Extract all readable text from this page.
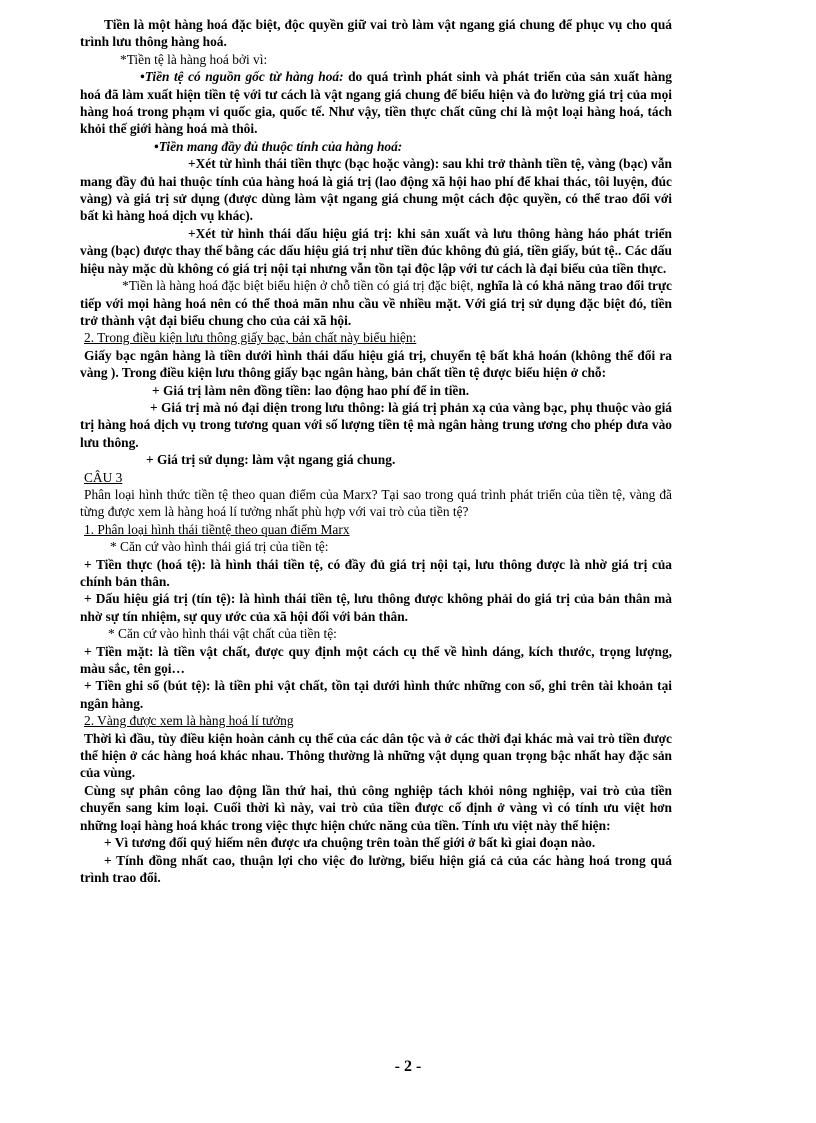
Tiền là một hàng hoá đặc biệt, độc quyền giữ vai trò làm vật ngang giá chung để phục vụ cho quá trình lưu thông hàng hoá.

*Tiền tệ là hàng hoá bởi vì:

•Tiền tệ có nguồn gốc từ hàng hoá: do quá trình phát sinh và phát triển của sản xuất hàng hoá đã làm xuất hiện tiền tệ với tư cách là vật ngang giá chung để biểu hiện và đo lường giá trị của mọi hàng hoá trong phạm vi quốc gia, quốc tế. Như vậy, tiền thực chất cũng chỉ là một loại hàng hoá, tách khỏi thế giới hàng hoá mà thôi.

•Tiền mang đầy đủ thuộc tính của hàng hoá:

+Xét từ hình thái tiền thực (bạc hoặc vàng): sau khi trở thành tiền tệ, vàng (bạc) vẫn mang đầy đủ hai thuộc tính của hàng hoá là giá trị (lao động xã hội hao phí để khai thác, tôi luyện, đúc vàng) và giá trị sử dụng (được dùng làm vật ngang giá chung một cách độc quyền, có thể trao đổi với bất kì hàng hoá dịch vụ khác).

+Xét từ hình thái dấu hiệu giá trị: khi sản xuất và lưu thông hàng háo phát triển vàng (bạc) được thay thế bằng các dấu hiệu giá trị như tiền đúc không đủ giá, tiền giấy, bút tệ.. Các dấu hiệu này mặc dù không có giá trị nội tại nhưng vẫn tồn tại độc lập với tư cách là đại biểu của tiền thực.

*Tiền là hàng hoá đặc biệt biểu hiện ở chỗ tiền có giá trị đặc biệt, nghĩa là có khả năng trao đổi trực tiếp với mọi hàng hoá nên có thể thoả mãn nhu cầu về nhiều mặt. Với giá trị sử dụng đặc biệt đó, tiền trở thành vật đại biểu chung cho của cải xã hội.

2. Trong điều kiện lưu thông giấy bạc, bản chất này biểu hiện:

Giấy bạc ngân hàng là tiền dưới hình thái dấu hiệu giá trị, chuyển tệ bất khả hoán (không thể đổi ra vàng ). Trong điều kiện lưu thông giấy bạc ngân hàng, bản chất tiền tệ được biểu hiện ở chỗ:

+ Giá trị làm nên đồng tiền: lao động hao phí để in tiền.

+ Giá trị mà nó đại diện trong lưu thông: là giá trị phản xạ của vàng bạc, phụ thuộc vào giá trị hàng hoá dịch vụ trong tương quan với số lượng tiền tệ mà ngân hàng trung ương cho phép đưa vào lưu thông.

+ Giá trị sử dụng: làm vật ngang giá chung.

CÂU 3

Phân loại hình thức tiền tệ theo quan điểm của Marx? Tại sao trong quá trình phát triển của tiền tệ, vàng đã từng được xem là hàng hoá lí tưởng nhất phù hợp với vai trò của tiền tệ?

1. Phân loại hình thái tiềntệ theo quan điểm Marx

* Căn cứ vào hình thái giá trị của tiền tệ:

+ Tiền thực (hoá tệ): là hình thái tiền tệ, có đầy đủ giá trị nội tại, lưu thông được là nhờ giá trị của chính bản thân.

+ Dấu hiệu giá trị (tín tệ): là hình thái tiền tệ, lưu thông được không phải do giá trị của bản thân mà nhờ sự tín nhiệm, sự quy ước của xã hội đối với bản thân.

* Căn cứ vào hình thái vật chất của tiền tệ:

+ Tiền mặt: là tiền vật chất, được quy định một cách cụ thể về hình dáng, kích thước, trọng lượng, màu sắc, tên gọi…

+ Tiền ghi sổ (bút tệ): là tiền phi vật chất, tồn tại dưới hình thức những con số, ghi trên tài khoản tại ngân hàng.

2. Vàng được xem là hàng hoá lí tưởng

Thời kì đầu, tùy điều kiện hoàn cảnh cụ thể của các dân tộc và ở các thời đại khác mà vai trò tiền được thể hiện ở các hàng hoá khác nhau. Thông thường là những vật dụng quan trọng bậc nhất hay đặc sản của vùng.

Cùng sự phân công lao động lần thứ hai, thủ công nghiệp tách khỏi nông nghiệp, vai trò của tiền chuyển sang kim loại. Cuối thời kì này, vai trò của tiền được cố định ở vàng vì có tính ưu việt hơn những loại hàng hoá khác trong việc thực hiện chức năng của tiền. Tính ưu việt này thể hiện:

+ Vì tương đối quý hiếm nên được ưa chuộng trên toàn thế giới ở bất kì giai đoạn nào.

+ Tính đồng nhất cao, thuận lợi cho việc đo lường, biểu hiện giá cả của các hàng hoá trong quá trình trao đổi.

- 2 -
